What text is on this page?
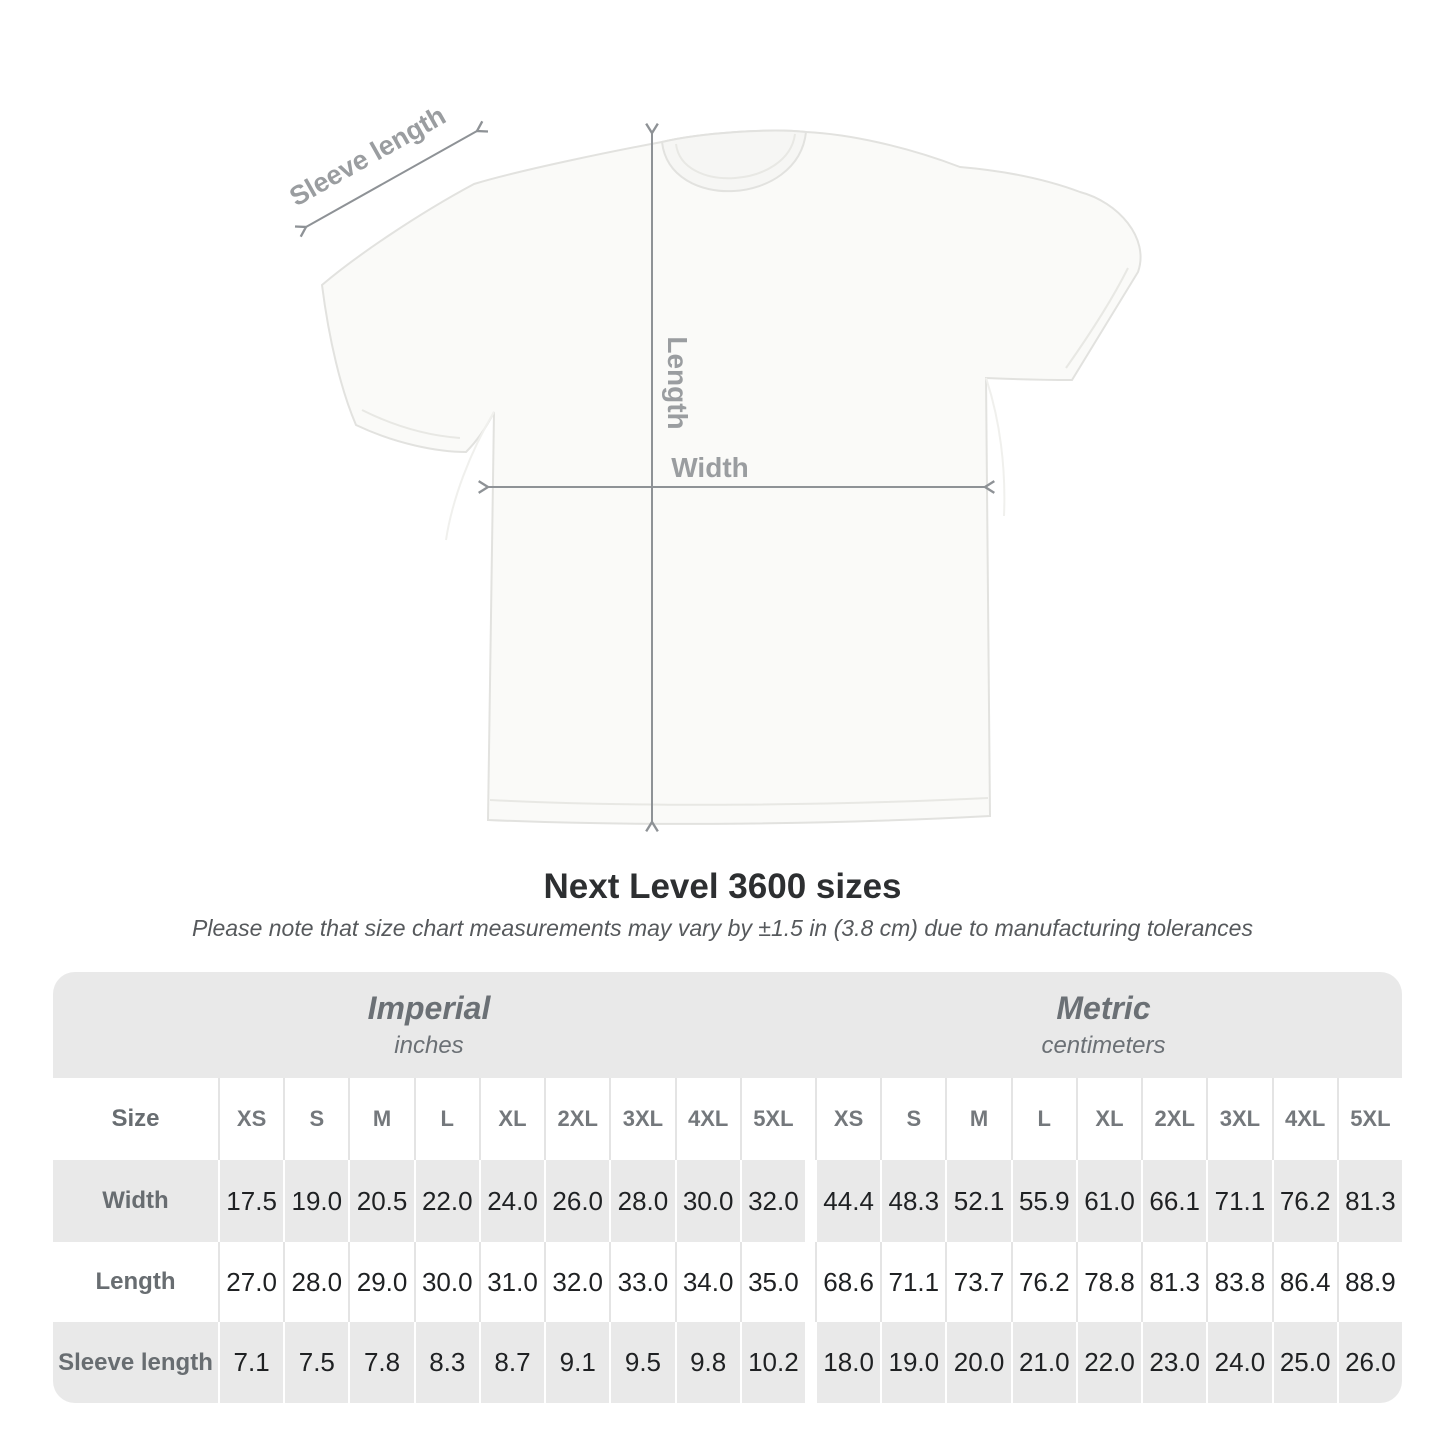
Sleeve length
Length
Width
Next Level 3600 sizes
Please note that size chart measurements may vary by ±1.5 in (3.8 cm) due to manufacturing tolerances
Imperial
inches
Metric
centimeters
Size	XS	S	M	L	XL	2XL	3XL	4XL	5XL	XS	S	M	L	XL	2XL	3XL	4XL	5XL
Width	17.5 19.0 20.5 22.0 24.0 26.0 28.0 30.0 32.0 44.4 48.3 52.1 55.9 61.0 66.1 71.1 76.2 81.3
Length	27.0 28.0 29.0 30.0 31.0 32.0 33.0 34.0 35.0 68.6 71.1 73.7 76.2 78.8 81.3 83.8 86.4 88.9
Sleeve length 7.1	7.5	7.8	8.3	8.7	9.1	9.5	9.8 10.2 18.0 19.0 20.0 21.0 22.0 23.0 24.0 25.0 26.0
